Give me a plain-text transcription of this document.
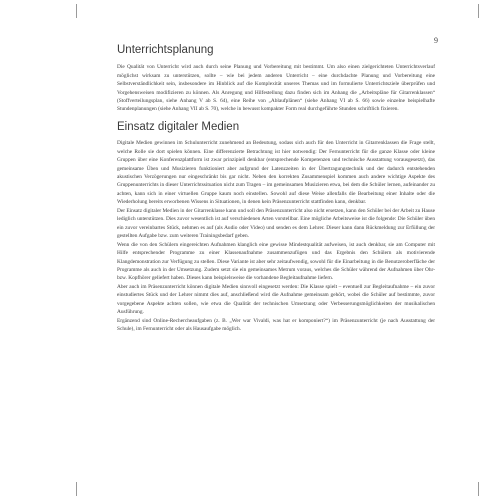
9
Unterrichtsplanung

Die Qualität von Unterricht wird auch durch seine Planung und Vorbereitung mit bestimmt. Um also einen zielgerichteten Unterrichtsverlauf möglichst wirksam zu unterstützen, sollte – wie bei jedem anderen Unterricht – eine durchdachte Planung und Vorbereitung eine Selbstverständlichkeit sein, insbesondere im Hinblick auf die Komplexität unseres Themas und im formulierte Unterrichtsziele überprüfen und Vorgehensweisen modifizieren zu können. Als Anregung und Hilfestellung dazu finden sich im Anhang die „Arbeitspläne für Gitarrenklassen“ (Stoffverteilungsplan, siehe Anhang V ab S. 64), eine Reihe von „Ablaufplänen“ (siehe Anhang VI ab S. 66) sowie einzelne beispielhafte Stundenplanungen (siehe Anhang VII ab S. 70), welche in bewusst kompakter Form real durchgeführte Stunden schriftlich fixieren.

Einsatz digitaler Medien

Digitale Medien gewinnen im Schulunterricht zunehmend an Bedeutung, sodass sich auch für den Unterricht in Gitarrenklassen die Frage stellt, welche Rolle sie dort spielen können. Eine differenzierte Betrachtung ist hier notwendig: Der Fernunterricht für die ganze Klasse oder kleine Gruppen über eine Konferenzplattform ist zwar prinzipiell denkbar (entsprechende Kompetenzen und technische Ausstattung vorausgesetzt), das gemeinsame Üben und Musizieren funktioniert aber aufgrund der Latenzzeiten in der Übertragungstechnik und der dadurch entstehenden akustischen Verzögerungen nur eingeschränkt bis gar nicht. Neben den korrekten Zusammenspiel kommen auch andere wichtige Aspekte des Gruppenunterrichts in dieser Unterrichtssituation nicht zum Tragen – im gemeinsamen Musizieren etwa, bei dem die Schüler lernen, aufeinander zu achten, kann sich in einer virtuellen Gruppe kaum noch einstellen. Sowohl auf diese Weise allenfalls die Bearbeitung einer Inhalte oder die Wiederholung bereits erworbenen Wissens in Situationen, in denen kein Präsenzunterricht stattfinden kann, denkbar.

Der Einsatz digitaler Medien in der Gitarrenklasse kann und soll den Präsenzunterricht also nicht ersetzen, kann den Schüler bei der Arbeit zu Hause lediglich unterstützen. Dies zuvor wesentlich ist auf verschiedenen Arten vorstellbar. Eine mögliche Arbeitsweise ist die folgende: Die Schüler üben ein zuvor vereinbartes Stück, nehmen es auf (als Audio oder Video) und senden es dem Lehrer. Dieser kann dann Rückmeldung zur Erfüllung der gestellten Aufgabe bzw. zum weiteren Trainingsbedarf geben.

Wenn die von den Schülern eingereichten Aufnahmen klanglich eine gewisse Mindestqualität aufweisen, ist auch denkbar, sie am Computer mit Hilfe entsprechender Programme zu einer Klassenaufnahme zusammenzufügen und das Ergebnis den Schülern als motivierende Klangdemonstration zur Verfügung zu stellen. Diese Variante ist aber sehr zeitaufwendig, sowohl für die Einarbeitung in die Benutzeroberfläche der Programme als auch in der Umsetzung. Zudem setzt sie ein gemeinsames Metrum voraus, welches die Schüler während der Aufnahmen über Ohr- bzw. Kopfhörer geliefert haben. Dieses kann beispielsweise die vorhandene Begleitaufnahme liefern.

Aber auch im Präsenzunterricht können digitale Medien sinnvoll eingesetzt werden: Die Klasse spielt – eventuell zur Begleitaufnahme – ein zuvor einstudiertes Stück und der Lehrer nimmt dies auf, anschließend wird die Aufnahme gemeinsam gehört, wobei die Schüler auf bestimmte, zuvor vorgegebene Aspekte achten sollen, wie etwa die Qualität der technischen Umsetzung oder Verbesserungsmöglichkeiten der musikalischen Ausführung.

Ergänzend sind Online-Rechercheaufgaben (z. B. „Wer war Vivaldi, was hat er komponiert?“) im Präsenzunterricht (je nach Ausstattung der Schule), im Fernunterricht oder als Hausaufgabe möglich.
